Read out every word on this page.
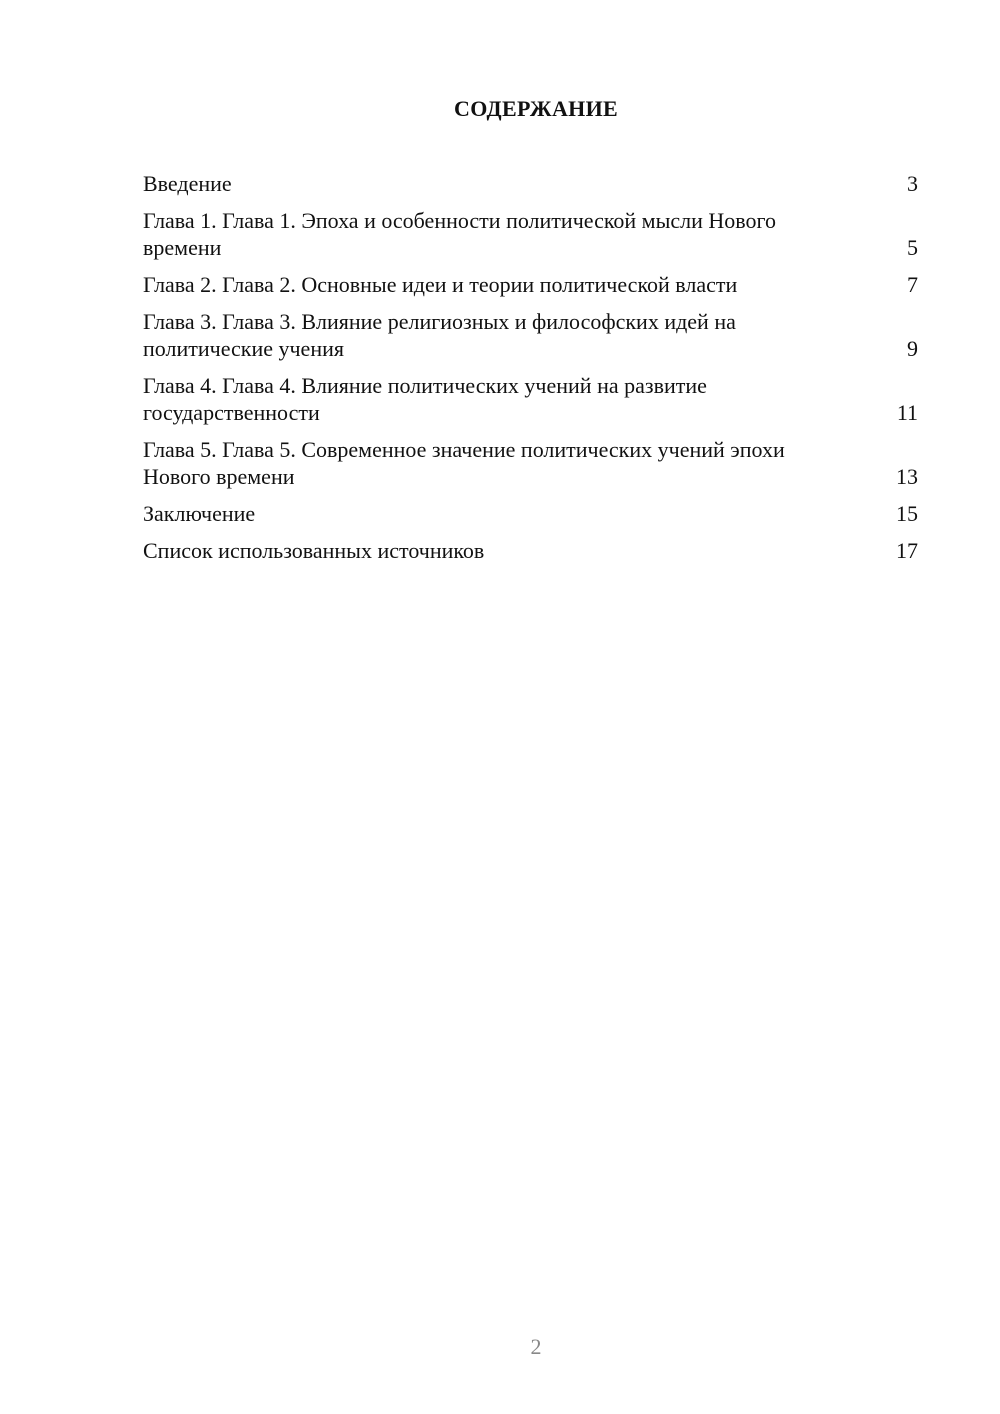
СОДЕРЖАНИЕ
Введение	3
Глава 1. Глава 1. Эпоха и особенности политической мысли Нового времени	5
Глава 2. Глава 2. Основные идеи и теории политической власти	7
Глава 3. Глава 3. Влияние религиозных и философских идей на политические учения	9
Глава 4. Глава 4. Влияние политических учений на развитие государственности	11
Глава 5. Глава 5. Современное значение политических учений эпохи Нового времени	13
Заключение	15
Список использованных источников	17
2
